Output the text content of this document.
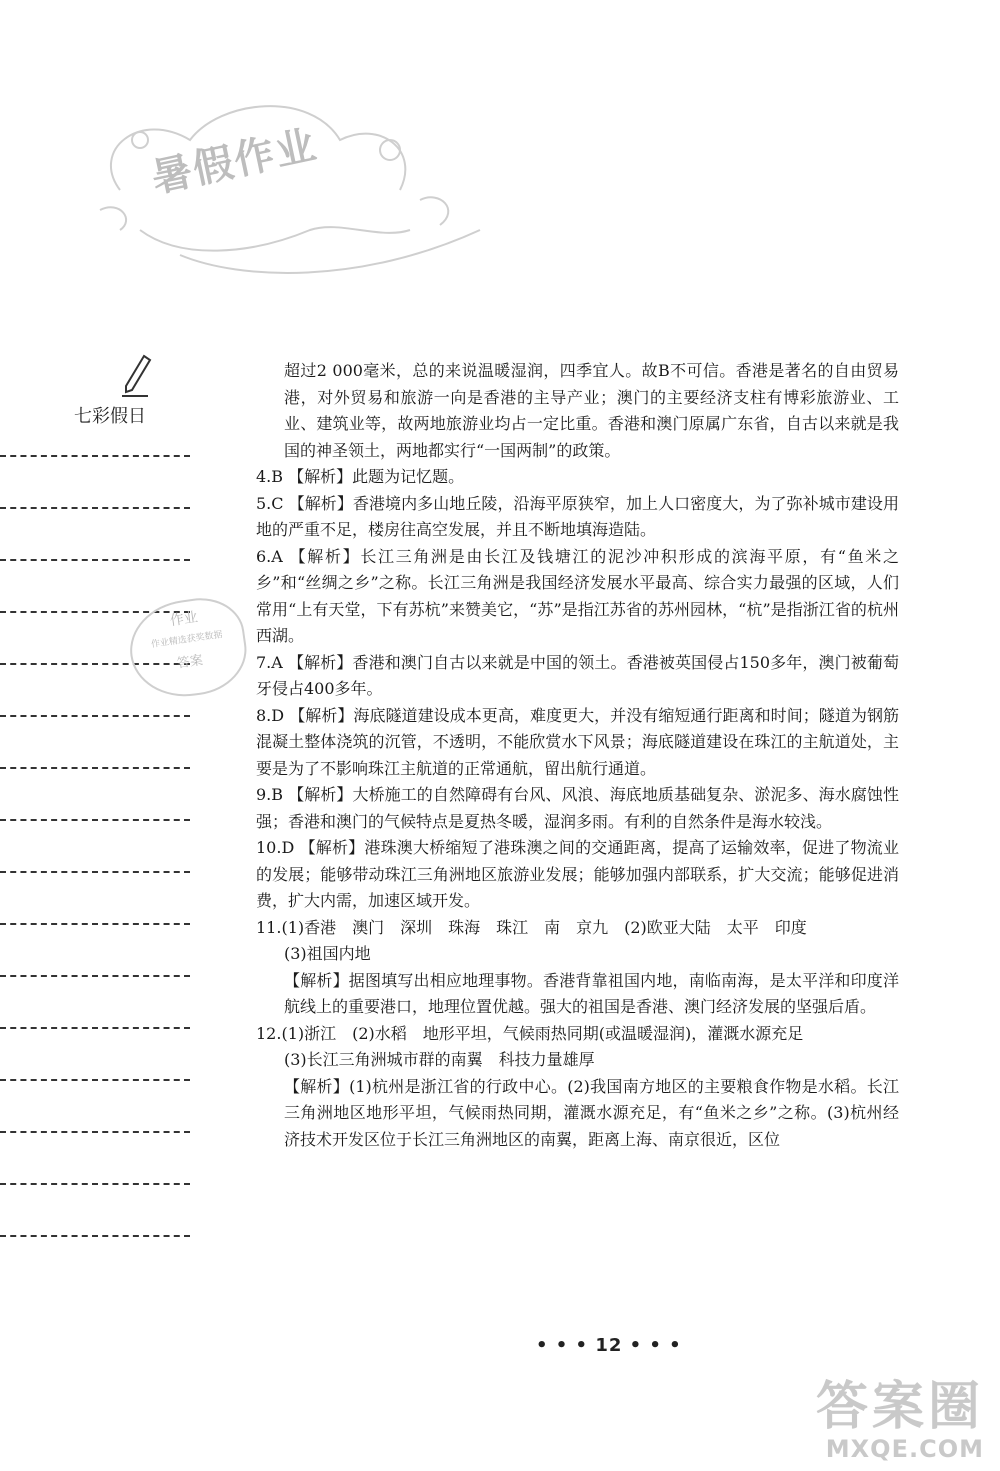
暑假作业
七彩假日
作业
作业精选获奖数据
答案

超过2 000毫米，总的来说温暖湿润，四季宜人。故B不可信。香港是著名的自由贸易港，对外贸易和旅游一向是香港的主导产业；澳门的主要经济支柱有博彩旅游业、工业、建筑业等，故两地旅游业均占一定比重。香港和澳门原属广东省，自古以来就是我国的神圣领土，两地都实行“一国两制”的政策。

4.B 【解析】此题为记忆题。

5.C 【解析】香港境内多山地丘陵，沿海平原狭窄，加上人口密度大，为了弥补城市建设用地的严重不足，楼房往高空发展，并且不断地填海造陆。

6.A 【解析】长江三角洲是由长江及钱塘江的泥沙冲积形成的滨海平原，有“鱼米之乡”和“丝绸之乡”之称。长江三角洲是我国经济发展水平最高、综合实力最强的区域，人们常用“上有天堂，下有苏杭”来赞美它，“苏”是指江苏省的苏州园林，“杭”是指浙江省的杭州西湖。

7.A 【解析】香港和澳门自古以来就是中国的领土。香港被英国侵占150多年，澳门被葡萄牙侵占400多年。

8.D 【解析】海底隧道建设成本更高，难度更大，并没有缩短通行距离和时间；隧道为钢筋混凝土整体浇筑的沉管，不透明，不能欣赏水下风景；海底隧道建设在珠江的主航道处，主要是为了不影响珠江主航道的正常通航，留出航行通道。

9.B 【解析】大桥施工的自然障碍有台风、风浪、海底地质基础复杂、淤泥多、海水腐蚀性强；香港和澳门的气候特点是夏热冬暖，湿润多雨。有利的自然条件是海水较浅。

10.D 【解析】港珠澳大桥缩短了港珠澳之间的交通距离，提高了运输效率，促进了物流业的发展；能够带动珠江三角洲地区旅游业发展；能够加强内部联系，扩大交流；能够促进消费，扩大内需，加速区域开发。

11.(1)香港　澳门　深圳　珠海　珠江　南　京九　(2)欧亚大陆　太平　印度

(3)祖国内地

【解析】据图填写出相应地理事物。香港背靠祖国内地，南临南海，是太平洋和印度洋航线上的重要港口，地理位置优越。强大的祖国是香港、澳门经济发展的坚强后盾。

12.(1)浙江　(2)水稻　地形平坦，气候雨热同期(或温暖湿润)，灌溉水源充足

(3)长江三角洲城市群的南翼　科技力量雄厚

【解析】(1)杭州是浙江省的行政中心。(2)我国南方地区的主要粮食作物是水稻。长江三角洲地区地形平坦，气候雨热同期，灌溉水源充足，有“鱼米之乡”之称。(3)杭州经济技术开发区位于长江三角洲地区的南翼，距离上海、南京很近，区位

• • • 12 • • •
答案圈
MXQE.COM
